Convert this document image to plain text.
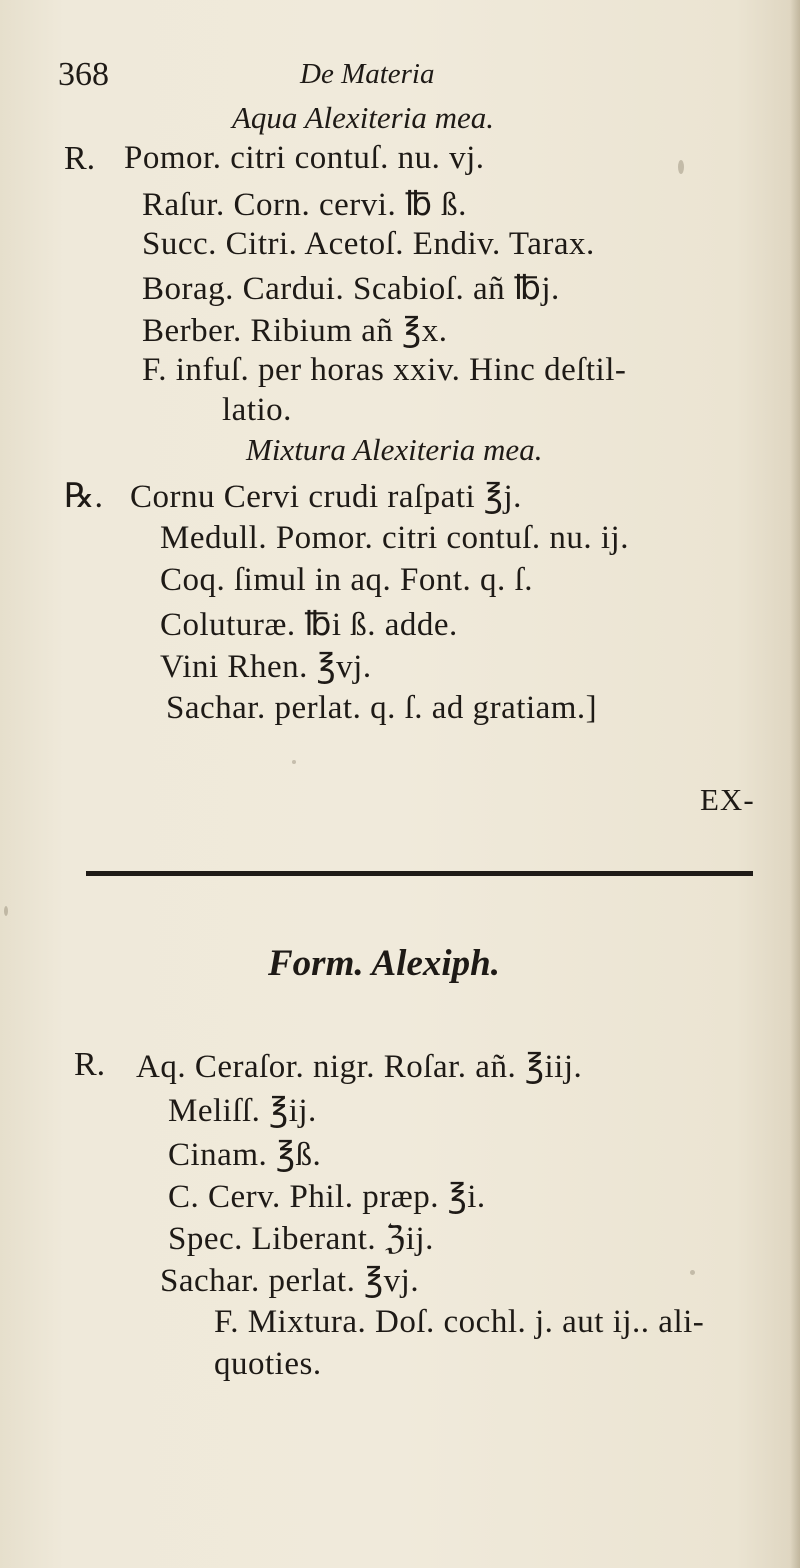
368	De Materia
Aqua Alexiteria mea.
R. Pomor. citri contuſ. nu. vj.
Raſur. Corn. cervi. ℔ ß.
Succ. Citri. Acetoſ. Endiv. Tarax.
Borag. Cardui. Scabioſ. añ ℔j.
Berber. Ribium añ ℥x.
F. infuſ. per horas xxiv. Hinc deſtil-
latio.
Mixtura Alexiteria mea.
℞. Cornu Cervi crudi raſpati ℥j.
Medull. Pomor. citri contuſ. nu. ij.
Coq. ſimul in aq. Font. q. ſ.
Coluturæ. ℔i ß. adde.
Vini Rhen. ℥vj.
Sachar. perlat. q. ſ. ad gratiam.]
EX-
Form. Alexiph.
R. Aq. Ceraſor. nigr. Roſar. añ. ℥iij.
Meliſſ. ℥ij.
Cinam. ℥ß.
C. Cerv. Phil. præp. ℥i.
Spec. Liberant. ℨij.
Sachar. perlat. ℥vj.
F. Mixtura. Doſ. cochl. j. aut ij.. ali-
quoties.
